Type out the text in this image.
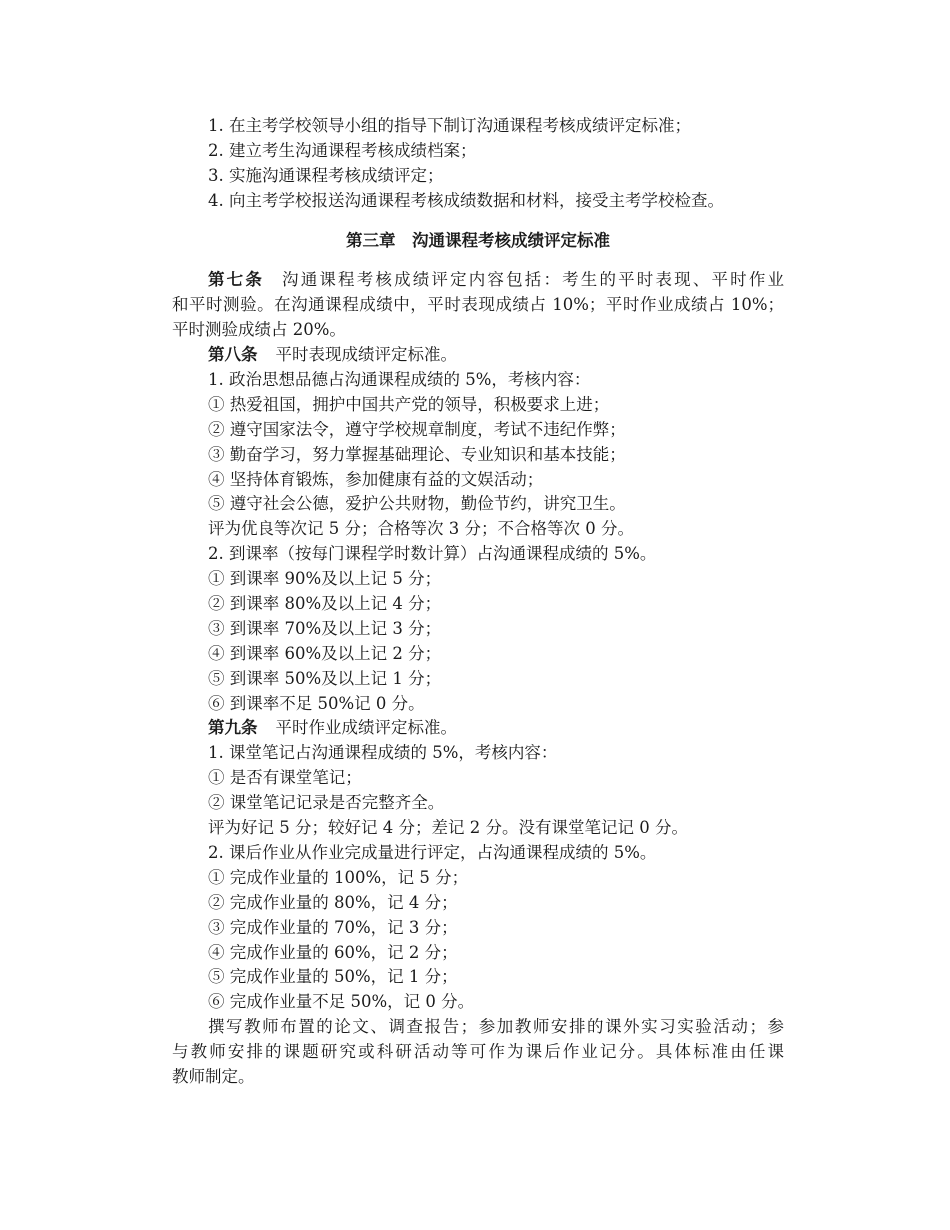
1. 在主考学校领导小组的指导下制订沟通课程考核成绩评定标准；
2. 建立考生沟通课程考核成绩档案；
3. 实施沟通课程考核成绩评定；
4. 向主考学校报送沟通课程考核成绩数据和材料，接受主考学校检查。
第三章　沟通课程考核成绩评定标准
第七条 沟通课程考核成绩评定内容包括：考生的平时表现、平时作业
和平时测验。在沟通课程成绩中，平时表现成绩占 10%；平时作业成绩占 10%；
平时测验成绩占 20%。
第八条 平时表现成绩评定标准。
1. 政治思想品德占沟通课程成绩的 5%，考核内容：
① 热爱祖国，拥护中国共产党的领导，积极要求上进；
② 遵守国家法令，遵守学校规章制度，考试不违纪作弊；
③ 勤奋学习，努力掌握基础理论、专业知识和基本技能；
④ 坚持体育锻炼，参加健康有益的文娱活动；
⑤ 遵守社会公德，爱护公共财物，勤俭节约，讲究卫生。
评为优良等次记 5 分；合格等次 3 分；不合格等次 0 分。
2. 到课率（按每门课程学时数计算）占沟通课程成绩的 5%。
① 到课率 90%及以上记 5 分；
② 到课率 80%及以上记 4 分；
③ 到课率 70%及以上记 3 分；
④ 到课率 60%及以上记 2 分；
⑤ 到课率 50%及以上记 1 分；
⑥ 到课率不足 50%记 0 分。
第九条 平时作业成绩评定标准。
1. 课堂笔记占沟通课程成绩的 5%，考核内容：
① 是否有课堂笔记；
② 课堂笔记记录是否完整齐全。
评为好记 5 分；较好记 4 分；差记 2 分。没有课堂笔记记 0 分。
2. 课后作业从作业完成量进行评定，占沟通课程成绩的 5%。
① 完成作业量的 100%，记 5 分；
② 完成作业量的 80%，记 4 分；
③ 完成作业量的 70%，记 3 分；
④ 完成作业量的 60%，记 2 分；
⑤ 完成作业量的 50%，记 1 分；
⑥ 完成作业量不足 50%，记 0 分。
撰写教师布置的论文、调查报告；参加教师安排的课外实习实验活动；参
与教师安排的课题研究或科研活动等可作为课后作业记分。具体标准由任课
教师制定。
